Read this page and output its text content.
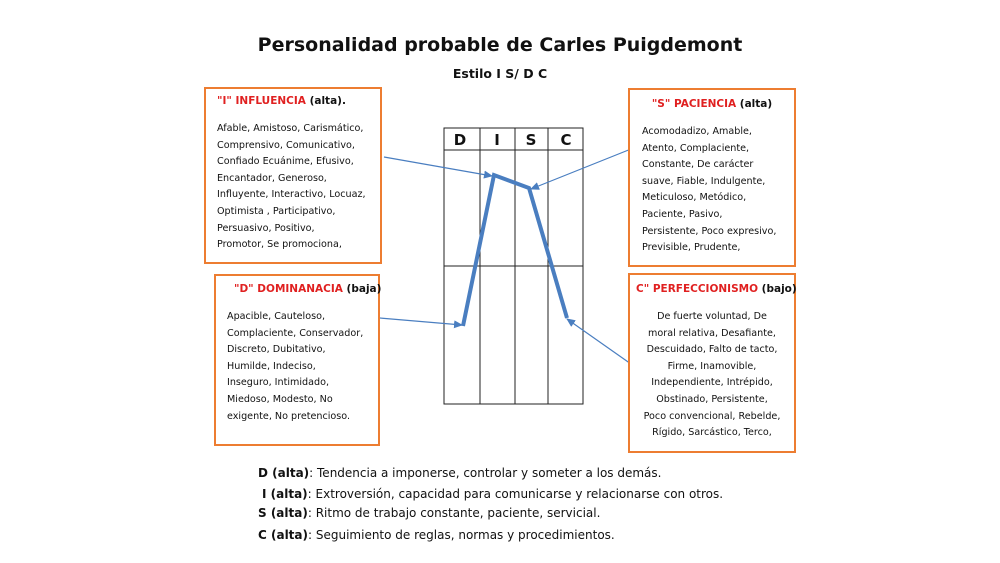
Personalidad probable de Carles Puigdemont
Estilo I S/ D C
D I S C
"I" INFLUENCIA (alta).
Afable, Amistoso, Carismático,
Comprensivo, Comunicativo,
Confiado Ecuánime, Efusivo,
Encantador, Generoso,
Influyente, Interactivo, Locuaz,
Optimista , Participativo,
Persuasivo, Positivo,
Promotor, Se promociona,
"S" PACIENCIA (alta)
Acomodadizo, Amable,
Atento, Complaciente,
Constante, De carácter
suave, Fiable, Indulgente,
Meticuloso, Metódico,
Paciente, Pasivo,
Persistente, Poco expresivo,
Previsible, Prudente,
"D" DOMINANACIA (baja)
Apacible, Cauteloso,
Complaciente, Conservador,
Discreto, Dubitativo,
Humilde, Indeciso,
Inseguro, Intimidado,
Miedoso, Modesto, No
exigente, No pretencioso.
C" PERFECCIONISMO (bajo)
De fuerte voluntad, De
moral relativa, Desafiante,
Descuidado, Falto de tacto,
Firme, Inamovible,
Independiente, Intrépido,
Obstinado, Persistente,
Poco convencional, Rebelde,
Rígido, Sarcástico, Terco,
D (alta): Tendencia a imponerse, controlar y someter a los demás.
I (alta): Extroversión, capacidad para comunicarse y relacionarse con otros.
S (alta): Ritmo de trabajo constante, paciente, servicial.
C (alta): Seguimiento de reglas, normas y procedimientos.
